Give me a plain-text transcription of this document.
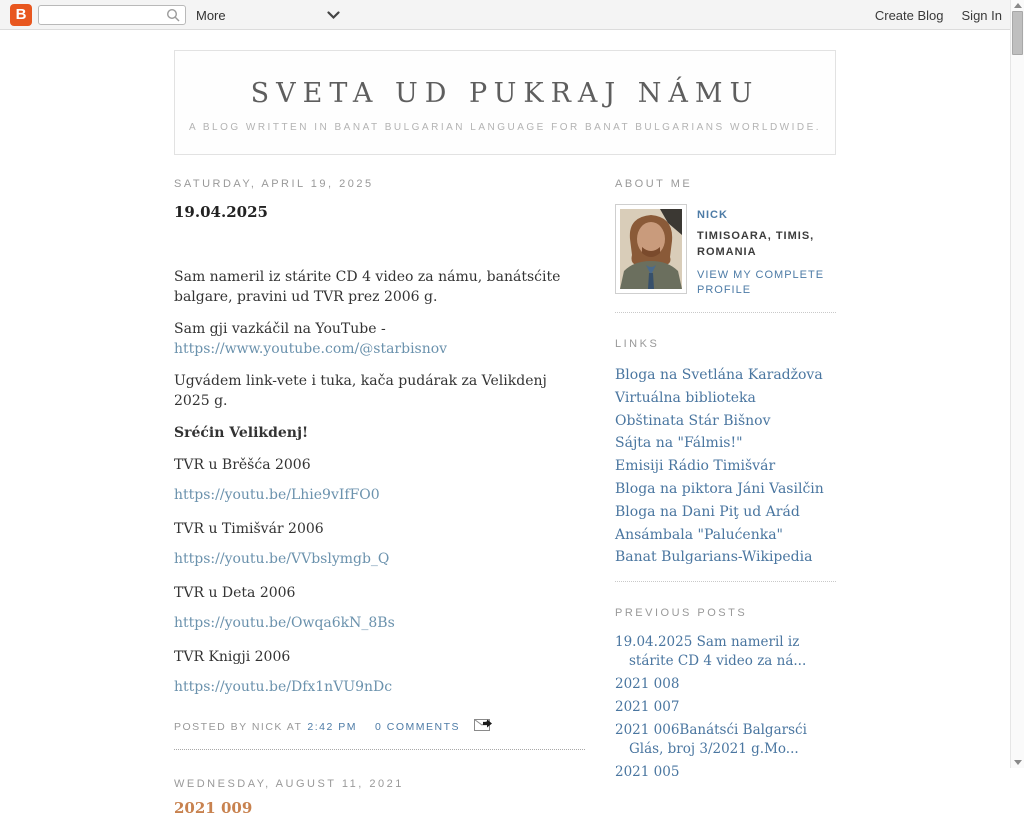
B	More	Create Blog Sign In
SVETA UD PUKRAJ NÁMU
A BLOG WRITTEN IN BANAT BULGARIAN LANGUAGE FOR BANAT BULGARIANS WORLDWIDE.
SATURDAY, APRIL 19, 2025
19.04.2025

Sam nameril iz stárite CD 4 video za námu, banátsćite balgare, pravini ud TVR prez 2006 g.

Sam gji vazkáčil na YouTube - https://www.youtube.com/@starbisnov

Ugvádem link-vete i tuka, kača pudárak za Velikdenj 2025 g.

Sréćin Velikdenj!

TVR u Brěšća 2006

https://youtu.be/Lhie9vIfFO0

TVR u Timišvár 2006

https://youtu.be/VVbslymgb_Q

TVR u Deta 2006

https://youtu.be/Owqa6kN_8Bs

TVR Knigji 2006

https://youtu.be/Dfx1nVU9nDc

POSTED BY NICK AT 2:42 PM 0 COMMENTS
WEDNESDAY, AUGUST 11, 2021
2021 009
ABOUT ME
NICK
TIMISOARA, TIMIS, ROMANIA
VIEW MY COMPLETE PROFILE
LINKS
Bloga na Svetlána Karadžova
Virtuálna biblioteka
Obštinata Stár Bišnov
Sájta na "Fálmis!"
Emisiji Rádio Timišvár
Bloga na piktora Jáni Vasilčin
Bloga na Dani Piţ ud Arád
Ansámbala "Palućenka"
Banat Bulgarians-Wikipedia
PREVIOUS POSTS
19.04.2025 Sam nameril iz stárite CD 4 video za ná...
2021 008
2021 007
2021 006Banátsći Balgarsći Glás, broj 3/2021 g.Mo...
2021 005
